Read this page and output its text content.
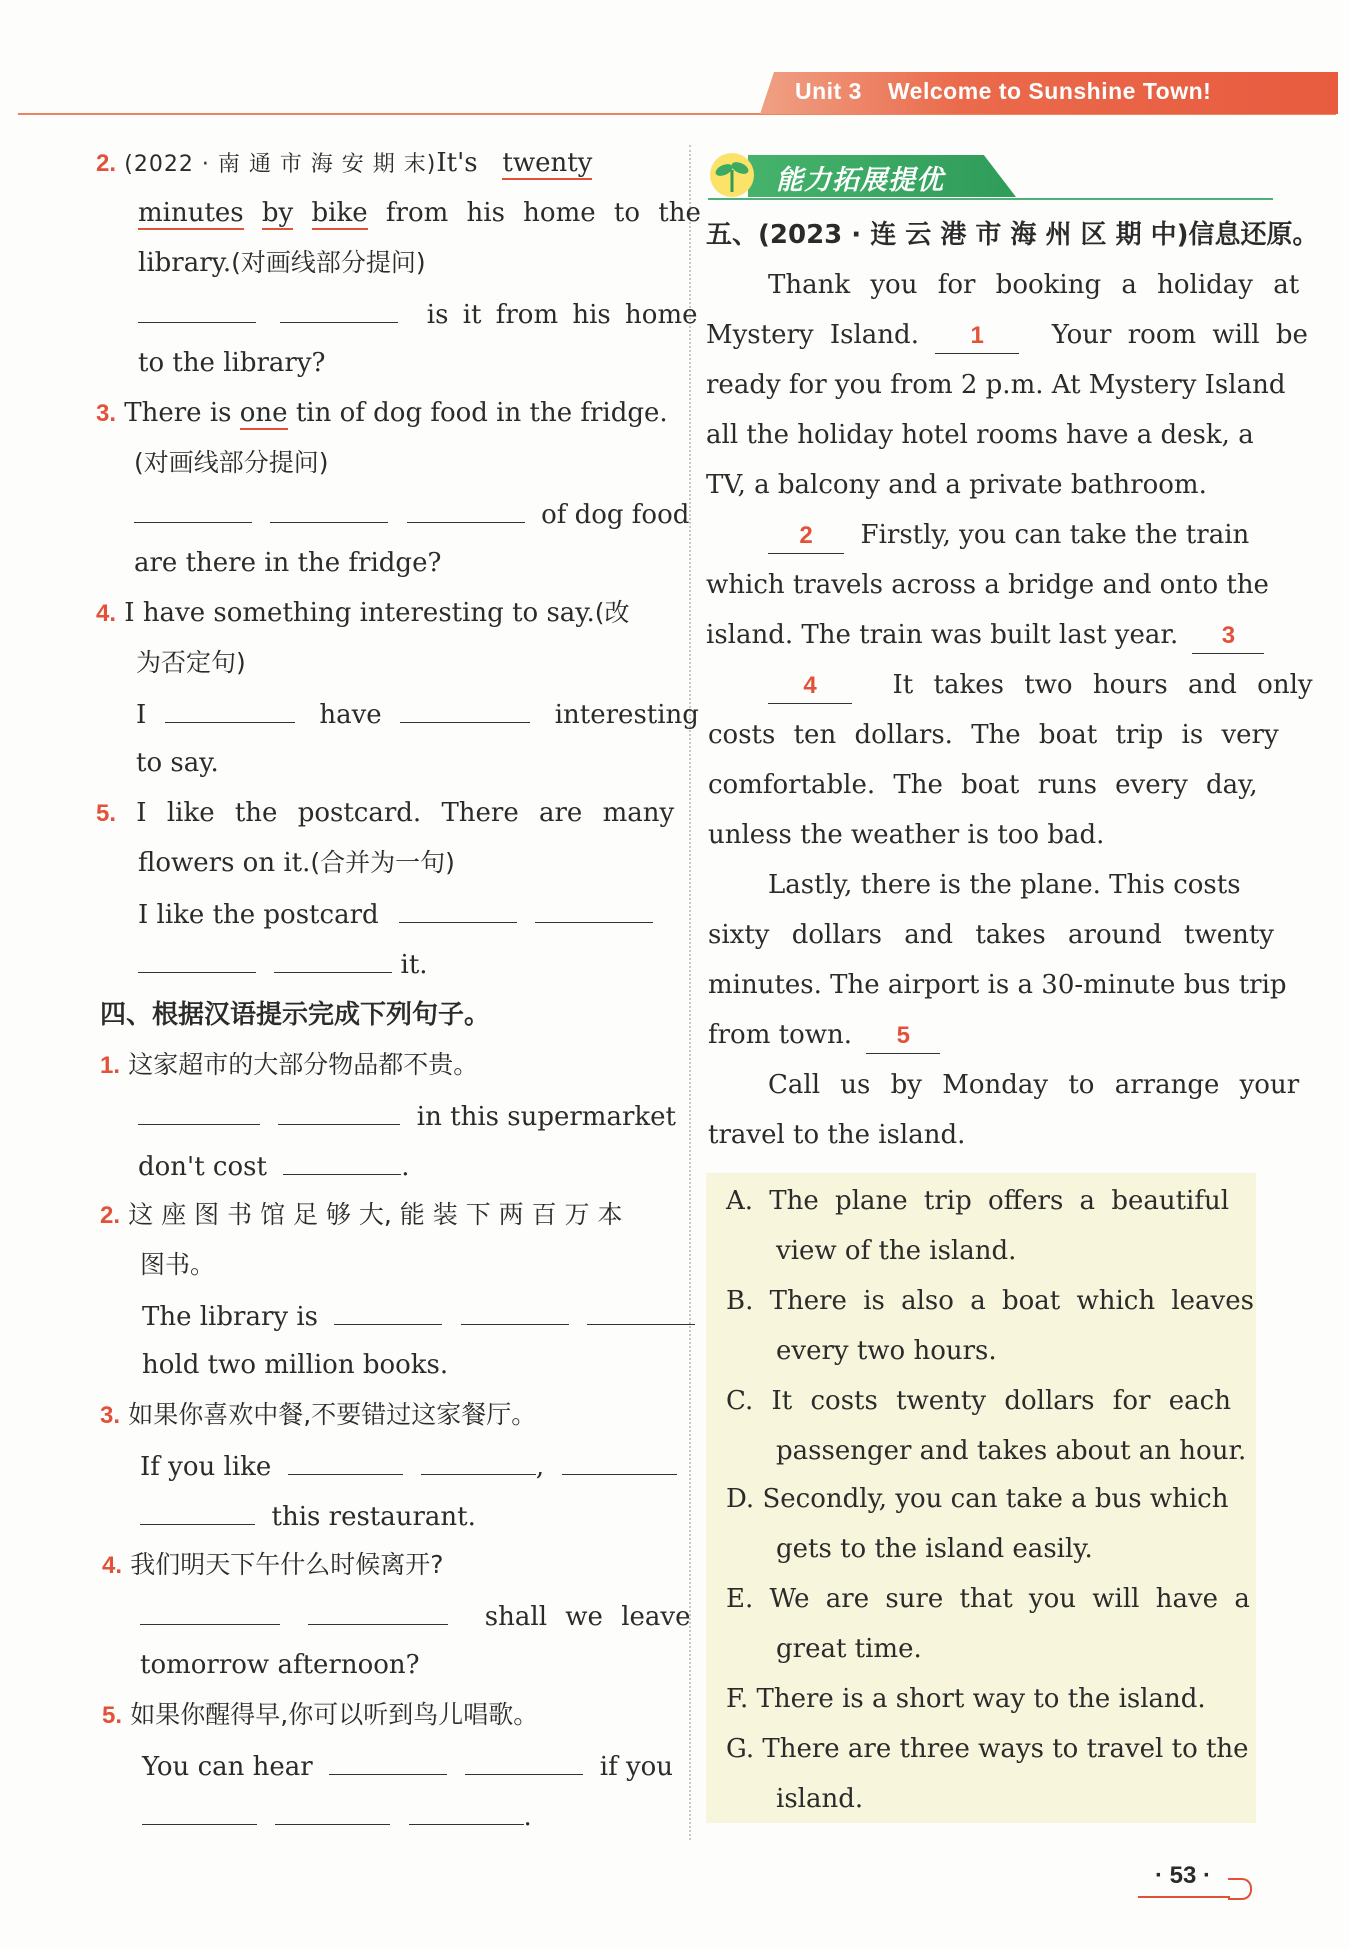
Unit 3 Welcome to Sunshine Town!
2. (2022 · 南 通 市 海 安 期 末)It's twenty
minutes by bike from his home to the
library.(对画线部分提问)
is it from his home
to the library?
3. There is one tin of dog food in the fridge.
(对画线部分提问)
of dog food
are there in the fridge?
4. I have something interesting to say.(改
为否定句)
I	have	interesting
to say.
5. I like the postcard. There are many
flowers on it.(合并为一句)
I like the postcard
it.
四、根据汉语提示完成下列句子。
1. 这家超市的大部分物品都不贵。
in this supermarket
don't cost	.
2. 这 座 图 书 馆 足 够 大, 能 装 下 两 百 万 本
图书。
The library is
hold two million books.
3. 如果你喜欢中餐,不要错过这家餐厅。
If you like	,
this restaurant.
4. 我们明天下午什么时候离开?
shall we leave
tomorrow afternoon?
5. 如果你醒得早,你可以听到鸟儿唱歌。
You can hear	if you
.
能力拓展提优
五、(2023 · 连 云 港 市 海 州 区 期 中)信息还原。
Thank you for booking a holiday at
Mystery Island. 1	Your room will be
ready for you from 2 p.m. At Mystery Island
all the holiday hotel rooms have a desk, a
TV, a balcony and a private bathroom.
2 Firstly, you can take the train
which travels across a bridge and onto the
island. The train was built last year. 3
4	It takes two hours and only
costs ten dollars. The boat trip is very
comfortable. The boat runs every day,
unless the weather is too bad.
Lastly, there is the plane. This costs
sixty dollars and takes around twenty
minutes. The airport is a 30-minute bus trip
from town. 5
Call us by Monday to arrange your
travel to the island.
A. The plane trip offers a beautiful
view of the island.
B. There is also a boat which leaves
every two hours.
C. It costs twenty dollars for each
passenger and takes about an hour.
D. Secondly, you can take a bus which
gets to the island easily.
E. We are sure that you will have a
great time.
F. There is a short way to the island.
G. There are three ways to travel to the
island.
· 53 ·
